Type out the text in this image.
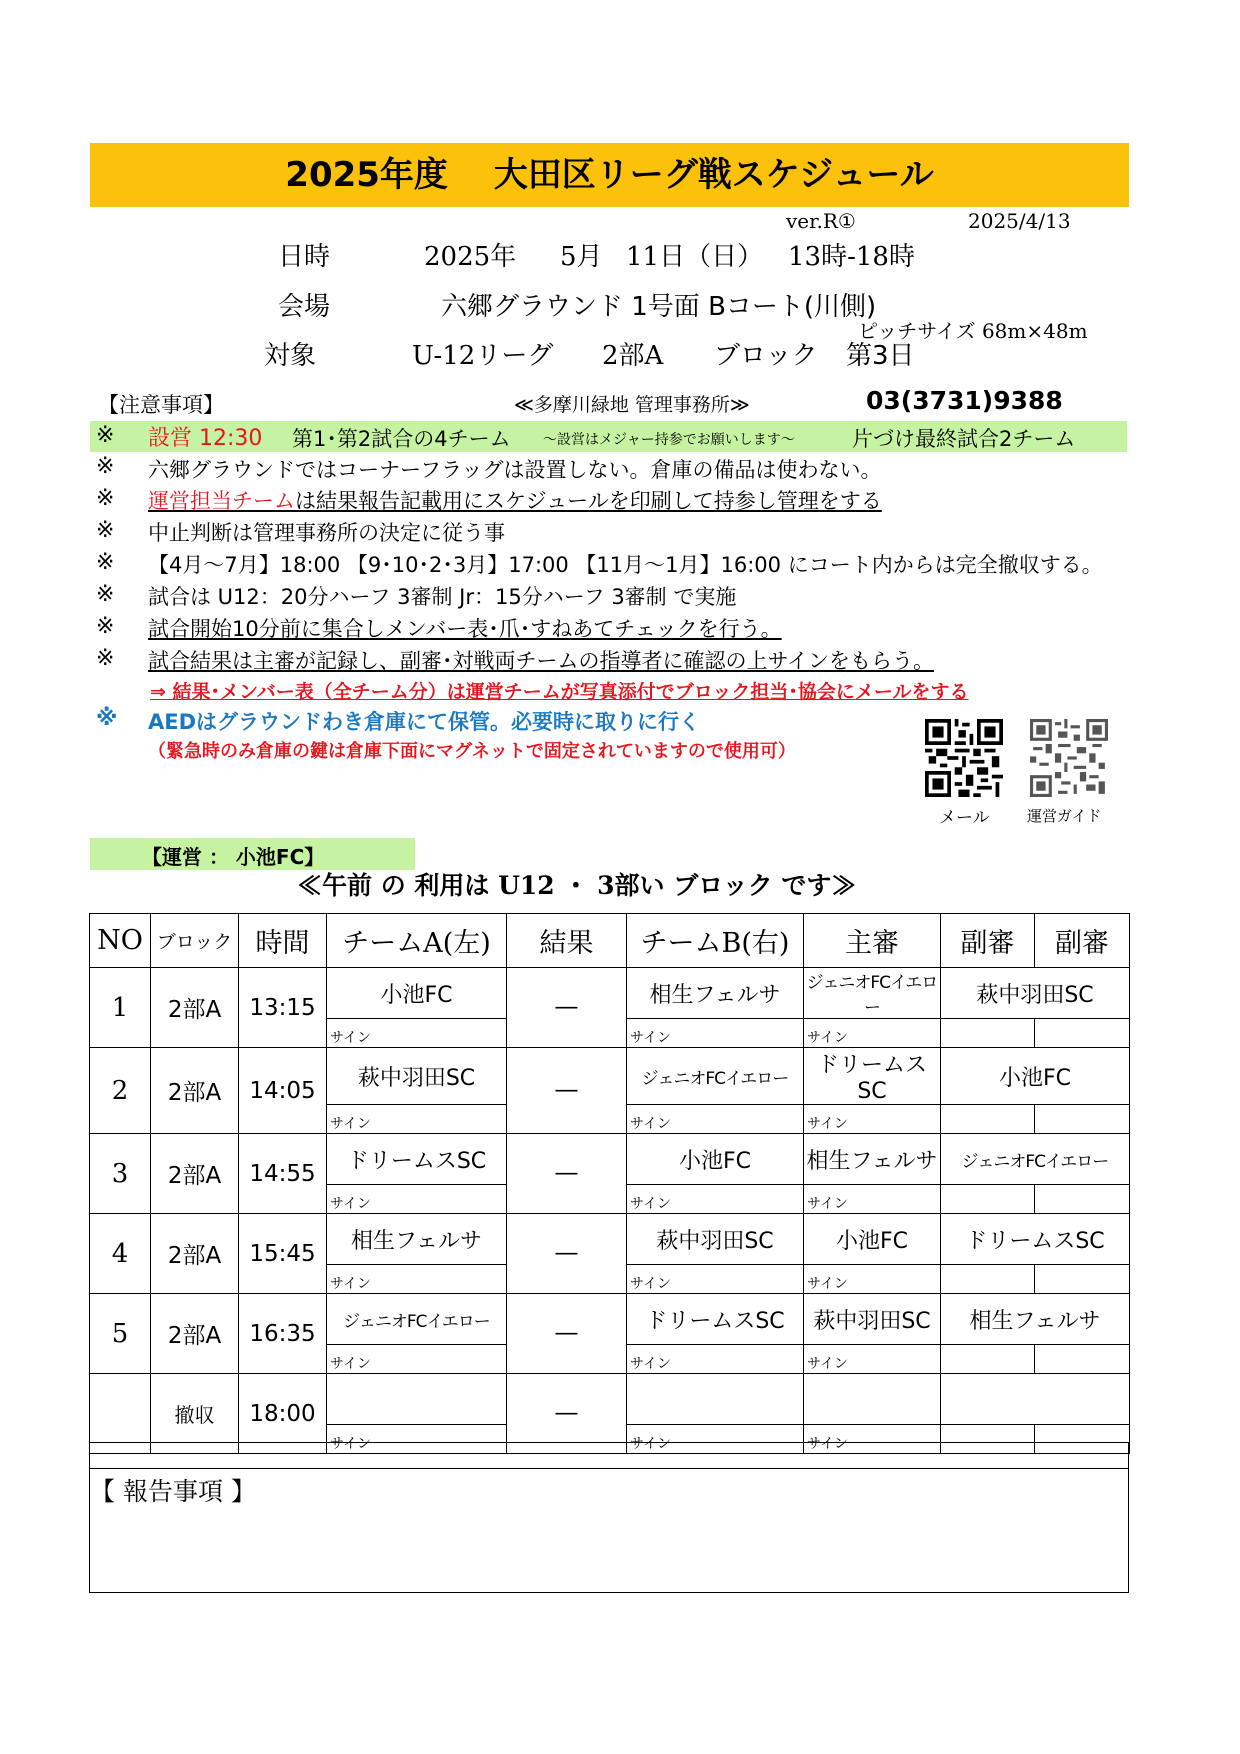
2025年度　 大田区リーグ戦スケジュール
ver.R①	2025/4/13
日時	2025年 5月 11日（日） 13時-18時
会場	六郷グラウンド 1号面 Bコート(川側)
ピッチサイズ 68m×48m
対象	U-12リーグ 2部A ブロック 第3日
【注意事項】	≪多摩川緑地 管理事務所≫	03(3731)9388
※ 設営 12:30 第1･第2試合の4チーム ～設営はメジャー持参でお願いします～	片づけ最終試合2チーム
※ 六郷グラウンドではコーナーフラッグは設置しない。倉庫の備品は使わない。
※ 運営担当チームは結果報告記載用にスケジュールを印刷して持参し管理をする
※ 中止判断は管理事務所の決定に従う事
※ 【4月～7月】18:00 【9･10･2･3月】17:00 【11月～1月】16:00 にコート内からは完全撤収する。
※ 試合は U12：20分ハーフ 3審制 Jr：15分ハーフ 3審制 で実施
※ 試合開始10分前に集合しメンバー表･爪･すねあてチェックを行う。
※ 試合結果は主審が記録し、副審･対戦両チームの指導者に確認の上サインをもらう。
⇒ 結果･メンバー表（全チーム分）は運営チームが写真添付でブロック担当･協会にメールをする
※ AEDはグラウンドわき倉庫にて保管。必要時に取りに行く
（緊急時のみ倉庫の鍵は倉庫下面にマグネットで固定されていますので使用可）
メール 運営ガイド
【運営 ： 小池FC】
≪午前 の 利用は U12 ・ 3部い ブロック です≫
NO	ブロック	時間	チームA(左)	結果	チームB(右)	主審	副審	副審
1	2部A	13:15	小池FC	―	相生フェルサ	ジェニオFCイエロー	萩中羽田SC	
			サイン		サイン	サイン		
2	2部A	14:05	萩中羽田SC	―	ジェニオFCイエロー	ドリームスSC	小池FC	
			サイン		サイン	サイン		
3	2部A	14:55	ドリームスSC	―	小池FC	相生フェルサ	ジェニオFCイエロー	
			サイン		サイン	サイン		
4	2部A	15:45	相生フェルサ	―	萩中羽田SC	小池FC	ドリームスSC	
			サイン		サイン	サイン		
5	2部A	16:35	ジェニオFCイエロー	―	ドリームスSC	萩中羽田SC	相生フェルサ	
			サイン		サイン	サイン		
	撤収	18:00		―				
			サイン		サイン	サイン		
【 報告事項 】
